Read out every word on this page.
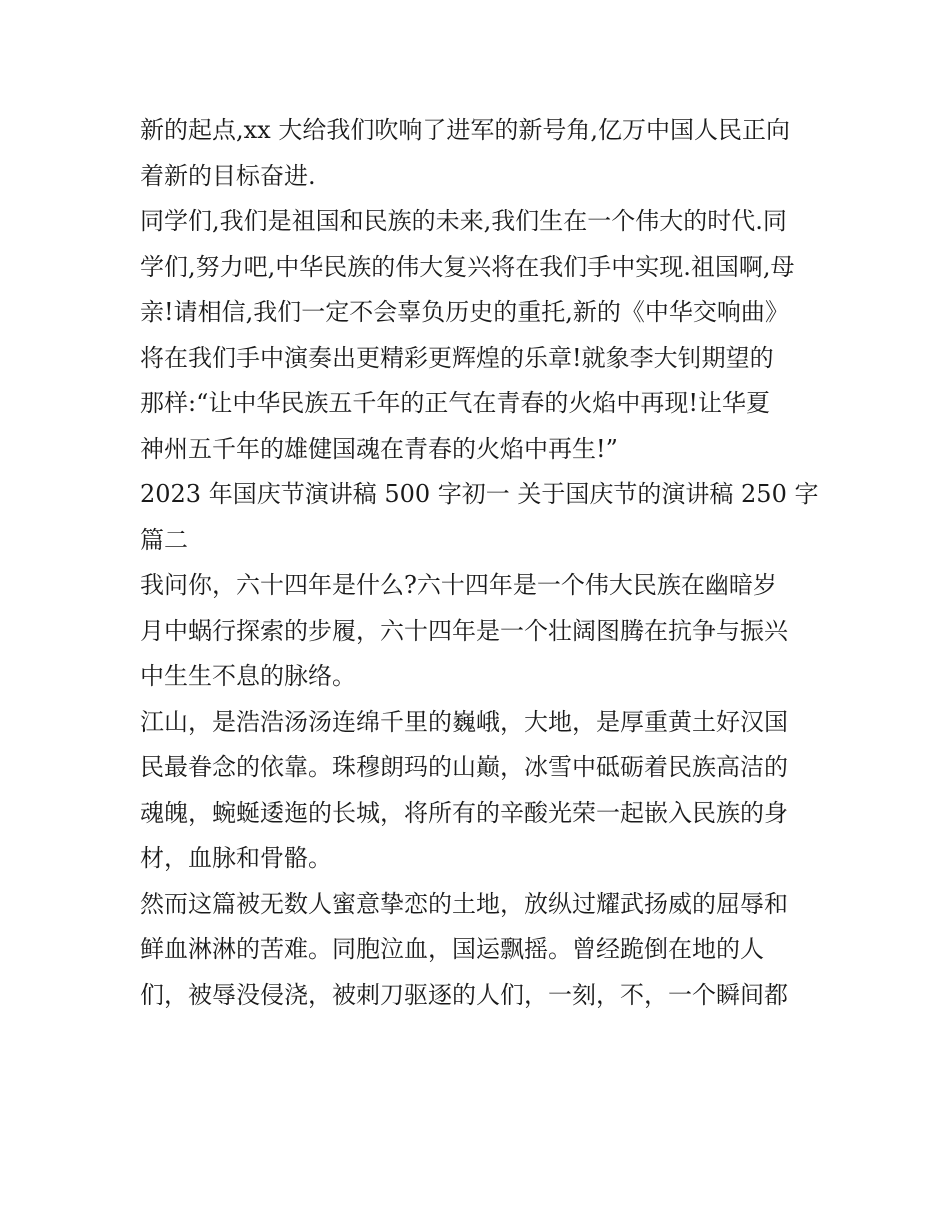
新的起点,xx 大给我们吹响了进军的新号角,亿万中国人民正向
着新的目标奋进.
同学们,我们是祖国和民族的未来,我们生在一个伟大的时代.同
学们,努力吧,中华民族的伟大复兴将在我们手中实现.祖国啊,母
亲!请相信,我们一定不会辜负历史的重托,新的《中华交响曲》
将在我们手中演奏出更精彩更辉煌的乐章!就象李大钊期望的
那样:“让中华民族五千年的正气在青春的火焰中再现!让华夏
神州五千年的雄健国魂在青春的火焰中再生!”
2023 年国庆节演讲稿 500 字初一 关于国庆节的演讲稿 250 字
篇二
我问你，六十四年是什么?六十四年是一个伟大民族在幽暗岁
月中蜗行探索的步履，六十四年是一个壮阔图腾在抗争与振兴
中生生不息的脉络。
江山，是浩浩汤汤连绵千里的巍峨，大地，是厚重黄土好汉国
民最眷念的依靠。珠穆朗玛的山巅，冰雪中砥砺着民族高洁的
魂魄，蜿蜒逶迤的长城，将所有的辛酸光荣一起嵌入民族的身
材，血脉和骨骼。
然而这篇被无数人蜜意挚恋的土地，放纵过耀武扬威的屈辱和
鲜血淋淋的苦难。同胞泣血，国运飘摇。曾经跪倒在地的人
们，被辱没侵浇，被刺刀驱逐的人们，一刻，不，一个瞬间都
